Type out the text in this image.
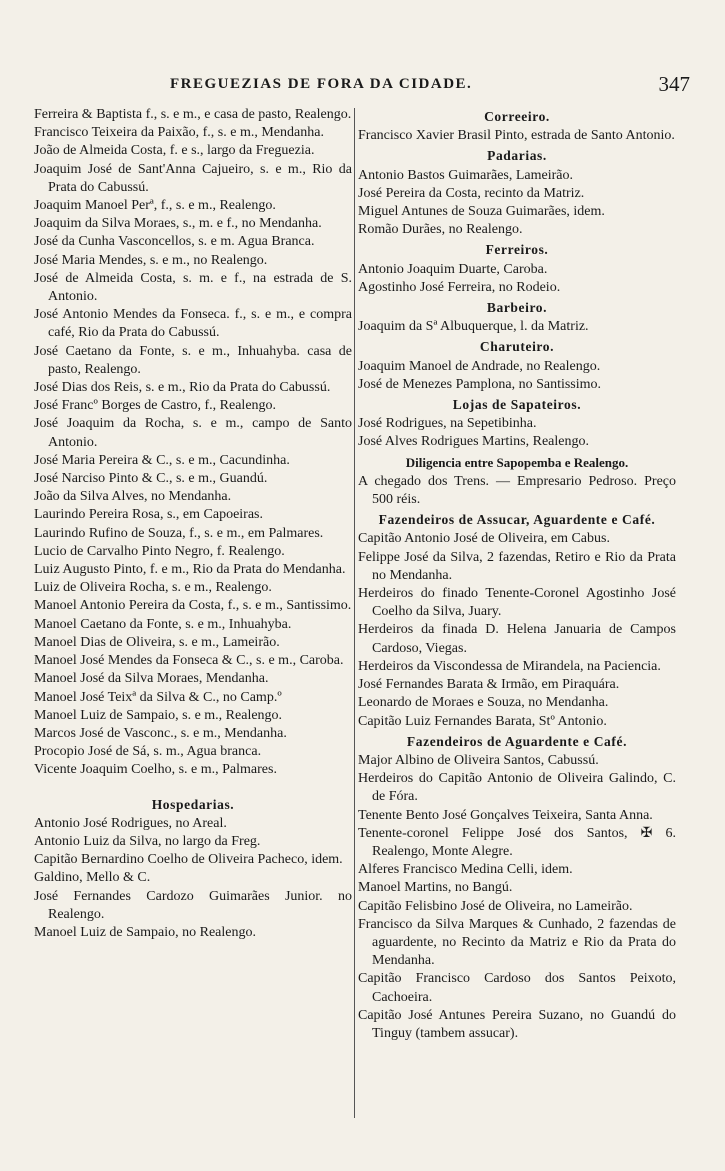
FREGUEZIAS DE FORA DA CIDADE.	347

Ferreira & Baptista f., s. e m., e casa de pasto, Realengo.

Francisco Teixeira da Paixão, f., s. e m., Mendanha.

João de Almeida Costa, f. e s., largo da Freguezia.

Joaquim José de Sant'Anna Cajueiro, s. e m., Rio da Prata do Cabussú.

Joaquim Manoel Perª, f., s. e m., Realengo.

Joaquim da Silva Moraes, s., m. e f., no Mendanha.

José da Cunha Vasconcellos, s. e m. Agua Branca.

José Maria Mendes, s. e m., no Realengo.

José de Almeida Costa, s. m. e f., na estrada de S. Antonio.

José Antonio Mendes da Fonseca. f., s. e m., e compra café, Rio da Prata do Cabussú.

José Caetano da Fonte, s. e m., Inhuahyba. casa de pasto, Realengo.

José Dias dos Reis, s. e m., Rio da Prata do Cabussú.

José Francº Borges de Castro, f., Realengo.

José Joaquim da Rocha, s. e m., campo de Santo Antonio.

José Maria Pereira & C., s. e m., Cacundinha.

José Narciso Pinto & C., s. e m., Guandú.

João da Silva Alves, no Mendanha.

Laurindo Pereira Rosa, s., em Capoeiras.

Laurindo Rufino de Souza, f., s. e m., em Palmares.

Lucio de Carvalho Pinto Negro, f. Realengo.

Luiz Augusto Pinto, f. e m., Rio da Prata do Mendanha.

Luiz de Oliveira Rocha, s. e m., Realengo.

Manoel Antonio Pereira da Costa, f., s. e m., Santissimo.

Manoel Caetano da Fonte, s. e m., Inhuahyba.

Manoel Dias de Oliveira, s. e m., Lameirão.

Manoel José Mendes da Fonseca & C., s. e m., Caroba.

Manoel José da Silva Moraes, Mendanha.

Manoel José Teixª da Silva & C., no Camp.º

Manoel Luiz de Sampaio, s. e m., Realengo.

Marcos José de Vasconc., s. e m., Mendanha.

Procopio José de Sá, s. m., Agua branca.

Vicente Joaquim Coelho, s. e m., Palmares.

Hospedarias.

Antonio José Rodrigues, no Areal.

Antonio Luiz da Silva, no largo da Freg.

Capitão Bernardino Coelho de Oliveira Pacheco, idem.

Galdino, Mello & C.

José Fernandes Cardozo Guimarães Junior. no Realengo.

Manoel Luiz de Sampaio, no Realengo.

Correeiro.

Francisco Xavier Brasil Pinto, estrada de Santo Antonio.

Padarias.

Antonio Bastos Guimarães, Lameirão.

José Pereira da Costa, recinto da Matriz.

Miguel Antunes de Souza Guimarães, idem.

Romão Durães, no Realengo.

Ferreiros.

Antonio Joaquim Duarte, Caroba.

Agostinho José Ferreira, no Rodeio.

Barbeiro.

Joaquim da Sª Albuquerque, l. da Matriz.

Charuteiro.

Joaquim Manoel de Andrade, no Realengo.

José de Menezes Pamplona, no Santissimo.

Lojas de Sapateiros.

José Rodrigues, na Sepetibinha.

José Alves Rodrigues Martins, Realengo.

Diligencia entre Sapopemba e Realengo.

A chegado dos Trens. — Empresario Pedroso. Preço 500 réis.

Fazendeiros de Assucar, Aguardente e Café.

Capitão Antonio José de Oliveira, em Cabus.

Felippe José da Silva, 2 fazendas, Retiro e Rio da Prata no Mendanha.

Herdeiros do finado Tenente-Coronel Agostinho José Coelho da Silva, Juary.

Herdeiros da finada D. Helena Januaria de Campos Cardoso, Viegas.

Herdeiros da Viscondessa de Mirandela, na Paciencia.

José Fernandes Barata & Irmão, em Piraquára.

Leonardo de Moraes e Souza, no Mendanha.

Capitão Luiz Fernandes Barata, Stº Antonio.

Fazendeiros de Aguardente e Café.

Major Albino de Oliveira Santos, Cabussú.

Herdeiros do Capitão Antonio de Oliveira Galindo, C. de Fóra.

Tenente Bento José Gonçalves Teixeira, Santa Anna.

Tenente-coronel Felippe José dos Santos, ✠ 6. Realengo, Monte Alegre.

Alferes Francisco Medina Celli, idem.

Manoel Martins, no Bangú.

Capitão Felisbino José de Oliveira, no Lameirão.

Francisco da Silva Marques & Cunhado, 2 fazendas de aguardente, no Recinto da Matriz e Rio da Prata do Mendanha.

Capitão Francisco Cardoso dos Santos Peixoto, Cachoeira.

Capitão José Antunes Pereira Suzano, no Guandú do Tinguy (tambem assucar).
